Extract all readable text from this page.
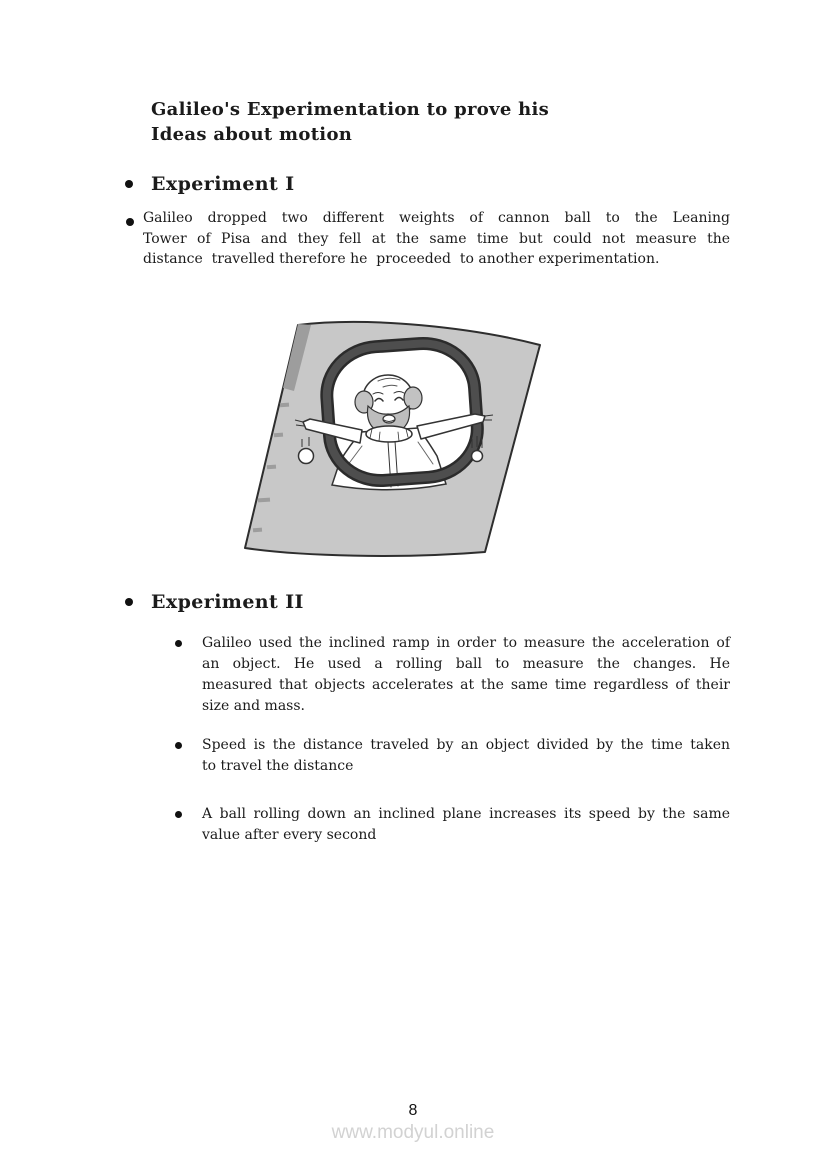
Galileo's Experimentation to prove his
Ideas about motion
Experiment I
Galileo dropped two different weights of cannon ball to the Leaning
Tower of Pisa and they fell at the same time but could not measure the
distance  travelled therefore he  proceeded  to another experimentation.
Experiment II
Galileo used the inclined ramp in order to measure the acceleration of
an object. He used a rolling ball to measure the changes. He
measured that objects accelerates at the same time regardless of their
size and mass.
Speed is the distance traveled by an object divided by the time taken
to travel the distance
A ball rolling down an inclined plane increases its speed by the same
value after every second
8
www.modyul.online
